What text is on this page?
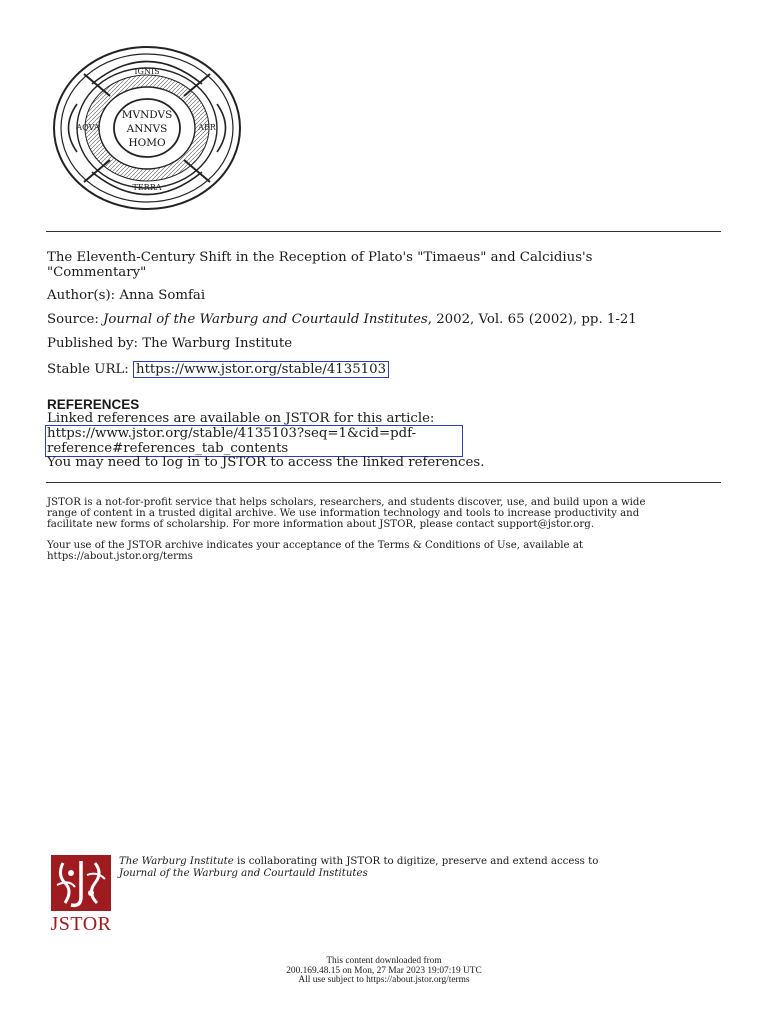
IGNIS
TERRA
AER
AQVA
MVNDVS
ANNVS
HOMO
The Eleventh-Century Shift in the Reception of Plato's "Timaeus" and Calcidius's
"Commentary"
Author(s): Anna Somfai
Source: Journal of the Warburg and Courtauld Institutes, 2002, Vol. 65 (2002), pp. 1-21
Published by: The Warburg Institute
Stable URL: https://www.jstor.org/stable/4135103
REFERENCES
Linked references are available on JSTOR for this article:
https://www.jstor.org/stable/4135103?seq=1&cid=pdf-
reference#references_tab_contents
You may need to log in to JSTOR to access the linked references.
JSTOR is a not-for-profit service that helps scholars, researchers, and students discover, use, and build upon a wide
range of content in a trusted digital archive. We use information technology and tools to increase productivity and
facilitate new forms of scholarship. For more information about JSTOR, please contact support@jstor.org.
Your use of the JSTOR archive indicates your acceptance of the Terms & Conditions of Use, available at
https://about.jstor.org/terms
JSTOR
The Warburg Institute is collaborating with JSTOR to digitize, preserve and extend access to
Journal of the Warburg and Courtauld Institutes
This content downloaded from
200.169.48.15 on Mon, 27 Mar 2023 19:07:19 UTC
All use subject to https://about.jstor.org/terms
